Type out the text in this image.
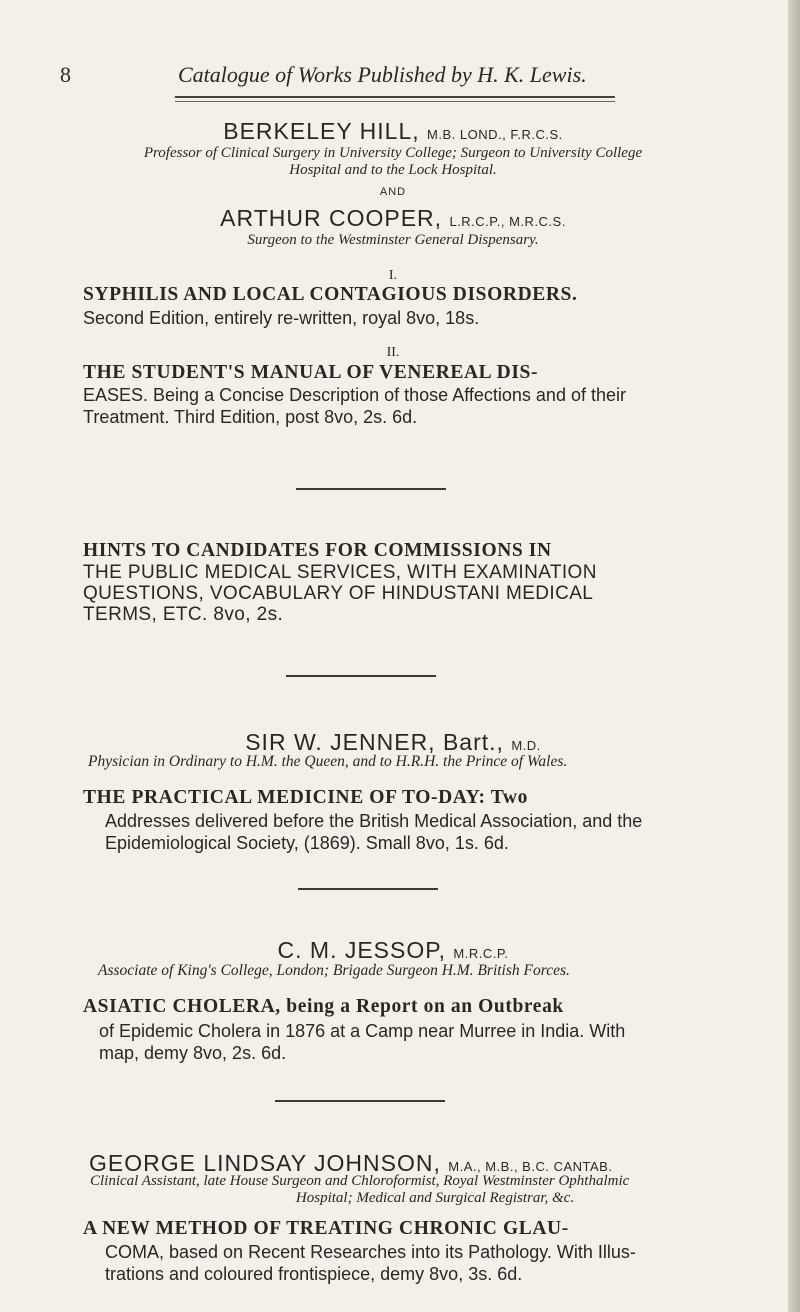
8	Catalogue of Works Published by H. K. Lewis.
BERKELEY HILL, M.B. LOND., F.R.C.S.
Professor of Clinical Surgery in University College; Surgeon to University College
Hospital and to the Lock Hospital.
AND
ARTHUR COOPER, L.R.C.P., M.R.C.S.
Surgeon to the Westminster General Dispensary.
I.
SYPHILIS AND LOCAL CONTAGIOUS DISORDERS.
Second Edition, entirely re-written, royal 8vo, 18s.
II.
THE STUDENT'S MANUAL OF VENEREAL DIS-
EASES. Being a Concise Description of those Affections and of their
Treatment. Third Edition, post 8vo, 2s. 6d.
HINTS TO CANDIDATES FOR COMMISSIONS IN
THE PUBLIC MEDICAL SERVICES, WITH EXAMINATION
QUESTIONS, VOCABULARY OF HINDUSTANI MEDICAL
TERMS, ETC. 8vo, 2s.
SIR W. JENNER, Bart., M.D.
Physician in Ordinary to H.M. the Queen, and to H.R.H. the Prince of Wales.
THE PRACTICAL MEDICINE OF TO-DAY: Two
Addresses delivered before the British Medical Association, and the
Epidemiological Society, (1869). Small 8vo, 1s. 6d.
C. M. JESSOP, M.R.C.P.
Associate of King's College, London; Brigade Surgeon H.M. British Forces.
ASIATIC CHOLERA, being a Report on an Outbreak
of Epidemic Cholera in 1876 at a Camp near Murree in India. With
map, demy 8vo, 2s. 6d.
GEORGE LINDSAY JOHNSON, M.A., M.B., B.C. CANTAB.
Clinical Assistant, late House Surgeon and Chloroformist, Royal Westminster Ophthalmic
Hospital; Medical and Surgical Registrar, &c.
A NEW METHOD OF TREATING CHRONIC GLAU-
COMA, based on Recent Researches into its Pathology. With Illus-
trations and coloured frontispiece, demy 8vo, 3s. 6d.
